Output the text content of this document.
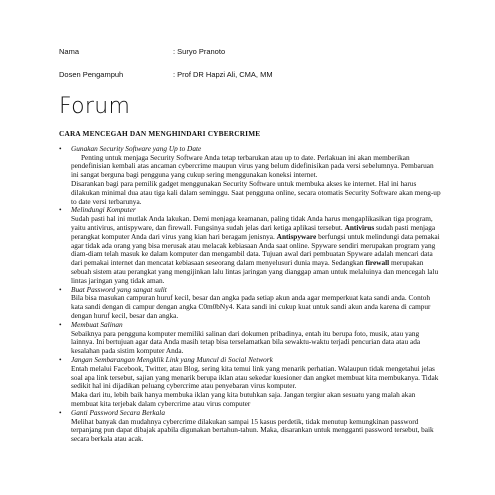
Nama	: Suryo Pranoto
Dosen Pengampuh	: Prof DR Hapzi Ali, CMA, MM
Forum
CARA MENCEGAH DAN MENGHINDARI CYBERCRIME
• Gunakan Security Software yang Up to Date

Penting untuk menjaga Security Software Anda tetap terbarukan atau up to date. Perlakuan ini akan memberikan pendefinisian kembali atas ancaman cybercrime maupun virus yang belum didefinisikan pada versi sebelumnya. Pembaruan ini sangat berguna bagi pengguna yang cukup sering menggunakan koneksi internet.

Disarankan bagi para pemilik gadget menggunakan Security Software untuk membuka akses ke internet. Hal ini harus dilakukan minimal dua atau tiga kali dalam seminggu. Saat pengguna online, secara otomatis Security Software akan meng-up to date versi terbarunya.

• Melindungi Komputer

Sudah pasti hal ini mutlak Anda lakukan. Demi menjaga keamanan, paling tidak Anda harus mengaplikasikan tiga program, yaitu antivirus, antispyware, dan firewall. Fungsinya sudah jelas dari ketiga aplikasi tersebut. Antivirus sudah pasti menjaga perangkat komputer Anda dari virus yang kian hari beragam jenisnya. Antispyware berfungsi untuk melindungi data pemakai agar tidak ada orang yang bisa merusak atau melacak kebiasaan Anda saat online. Spyware sendiri merupakan program yang diam-diam telah masuk ke dalam komputer dan mengambil data. Tujuan awal dari pembuatan Spyware adalah mencari data dari pemakai internet dan mencatat kebiasaan seseorang dalam menyelusuri dunia maya. Sedangkan firewall merupakan sebuah sistem atau perangkat yang mengijinkan lalu lintas jaringan yang dianggap aman untuk melaluinya dan mencegah lalu lintas jaringan yang tidak aman.

• Buat Password yang sangat sulit

Bila bisa masukan campuran huruf kecil, besar dan angka pada setiap akun anda agar memperkuat kata sandi anda. Contoh kata sandi dengan di campur dengan angka C0m0bNy4. Kata sandi ini cukup kuat untuk sandi akun anda karena di campur dengan huruf kecil, besar dan angka.

• Membuat Salinan

Sebaiknya para pengguna komputer memiliki salinan dari dokumen pribadinya, entah itu berupa foto, musik, atau yang lainnya. Ini bertujuan agar data Anda masih tetap bisa terselamatkan bila sewaktu-waktu terjadi pencurian data atau ada kesalahan pada sistim komputer Anda.

• Jangan Sembarangan Mengklik Link yang Muncul di Social Network

Entah melalui Facebook, Twitter, atau Blog, sering kita temui link yang menarik perhatian. Walaupun tidak mengetahui jelas soal apa link tersebut, sajian yang menarik berupa iklan atau sekedar kuesioner dan angket membuat kita membukanya. Tidak sedikit hal ini dijadikan peluang cybercrime atau penyebaran virus komputer.

Maka dari itu, lebih baik hanya membuka iklan yang kita butuhkan saja. Jangan tergiur akan sesuatu yang malah akan membuat kita terjebak dalam cybercrime atau virus computer

• Ganti Password Secara Berkala

Melihat banyak dan mudahnya cybercrime dilakukan sampai 15 kasus perdetik, tidak menutup kemungkinan password terpanjang pun dapat dibajak apabila digunakan bertahun-tahun. Maka, disarankan untuk mengganti password tersebut, baik secara berkala atau acak.
